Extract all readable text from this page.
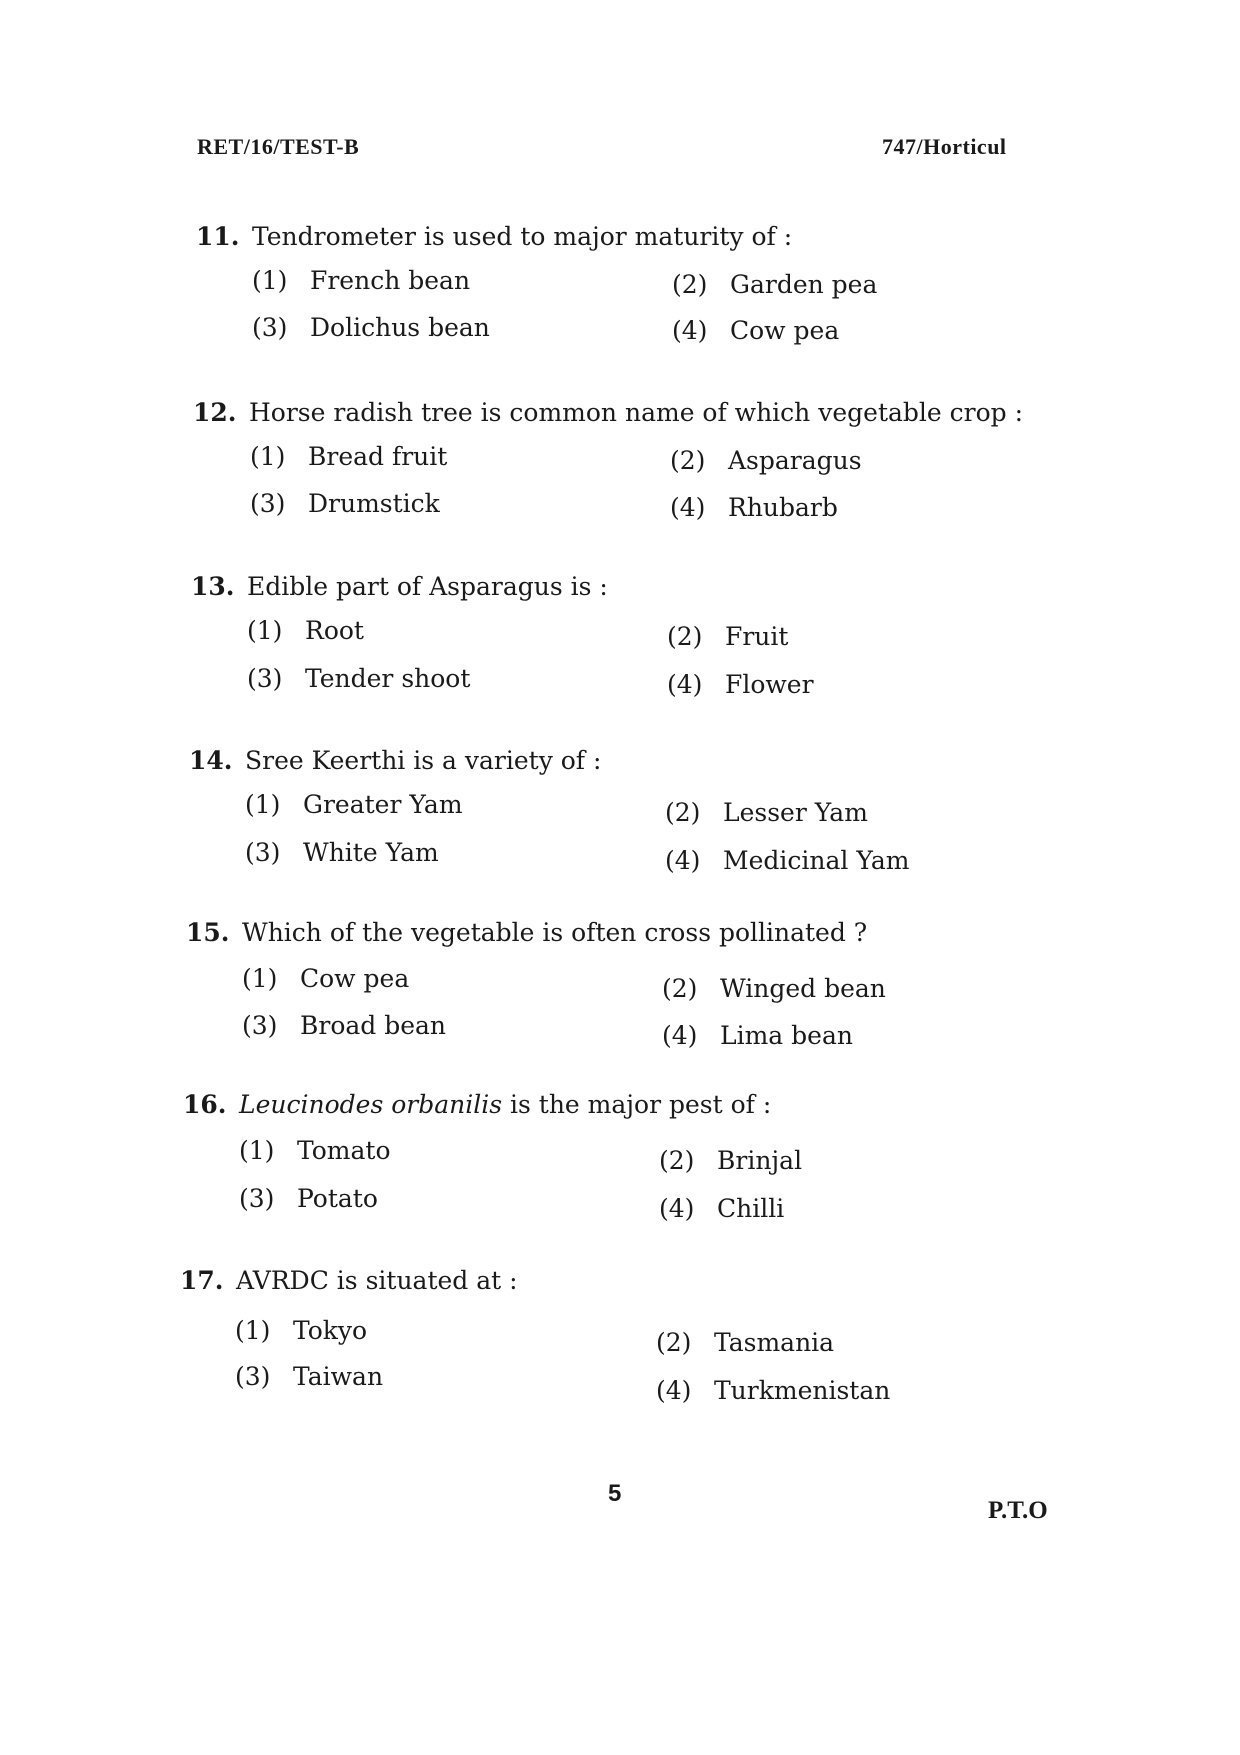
RET/16/TEST-B	747/Horticul
11. Tendrometer is used to major maturity of :
(1) French bean	(2) Garden pea
(3) Dolichus bean	(4) Cow pea
12. Horse radish tree is common name of which vegetable crop :
(1) Bread fruit	(2) Asparagus
(3) Drumstick	(4) Rhubarb
13. Edible part of Asparagus is :
(1) Root	(2) Fruit
(3) Tender shoot	(4) Flower
14. Sree Keerthi is a variety of :
(1) Greater Yam	(2) Lesser Yam
(3) White Yam	(4) Medicinal Yam
15. Which of the vegetable is often cross pollinated ?
(1) Cow pea	(2) Winged bean
(3) Broad bean	(4) Lima bean
16. Leucinodes orbanilis is the major pest of :
(1) Tomato	(2) Brinjal
(3) Potato	(4) Chilli
17. AVRDC is situated at :
(1) Tokyo	(2) Tasmania
(3) Taiwan	(4) Turkmenistan
5
P.T.O
